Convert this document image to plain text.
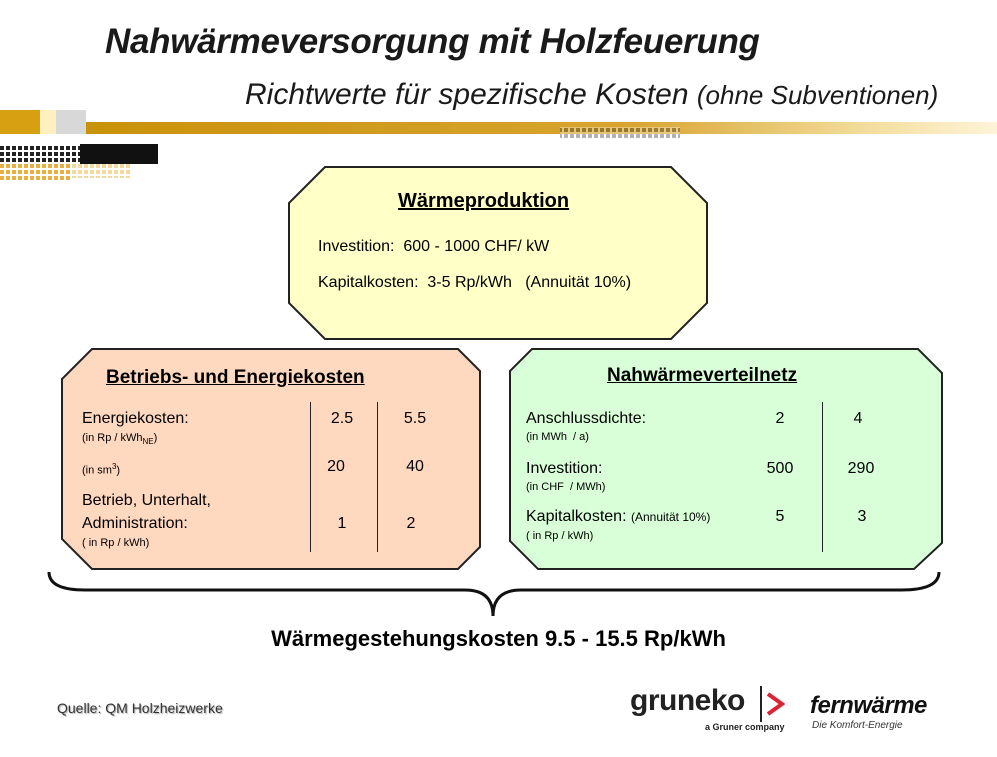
Nahwärmeversorgung mit Holzfeuerung
Richtwerte für spezifische Kosten (ohne Subventionen)
Wärmeproduktion
Investition:  600 - 1000 CHF/ kW
Kapitalkosten:  3-5 Rp/kWh   (Annuität 10%)
Betriebs- und Energiekosten
Energiekosten:
(in Rp / kWh$_{NE}$)
2.5	5.5
(in $sm^3$)	20	40
Betrieb, Unterhalt,
Administration:
( in Rp / kWh)
1	2
Nahwärmeverteilnetz
Anschlussdichte:
(in MWh  / a)
2	4
Investition:
(in CHF  / MWh)
500	290
Kapitalkosten: (Annuität 10%)
( in Rp / kWh)
5	3
Wärmegestehungskosten 9.5 - 15.5 Rp/kWh
Quelle: QM Holzheizwerke	gruneko
a Gruner company
fernwärme
Die Komfort-Energie
